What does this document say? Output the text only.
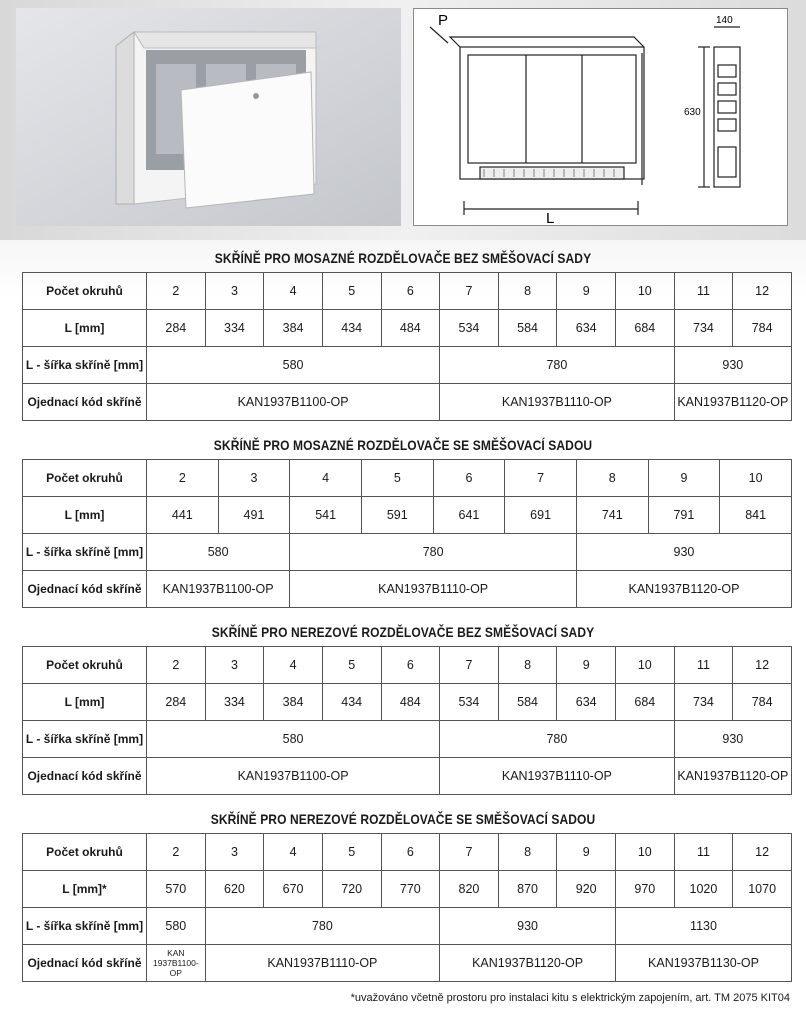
P
L
140
630
SKŘÍNĚ PRO MOSAZNÉ ROZDĚLOVAČE BEZ SMĚŠOVACÍ SADY
Počet okruhů	2	3	4	5	6	7	8	9	10	11	12
L [mm]	284	334	384	434	484	534	584	634	684	734	784
L - šířka skříně [mm]	580					780				930	
Ojednací kód skříně	KAN1937B1100-OP					KAN1937B1110-OP				KAN1937B1120-OP	
SKŘÍNĚ PRO MOSAZNÉ ROZDĚLOVAČE SE SMĚŠOVACÍ SADOU
Počet okruhů	2	3	4	5	6	7	8	9	10
L [mm]	441	491	541	591	641	691	741	791	841
L - šířka skříně [mm]	580		780				930		
Ojednací kód skříně	KAN1937B1100-OP		KAN1937B1110-OP				KAN1937B1120-OP		
SKŘÍNĚ PRO NEREZOVÉ ROZDĚLOVAČE BEZ SMĚŠOVACÍ SADY
Počet okruhů	2	3	4	5	6	7	8	9	10	11	12
L [mm]	284	334	384	434	484	534	584	634	684	734	784
L - šířka skříně [mm]	580					780				930	
Ojednací kód skříně	KAN1937B1100-OP					KAN1937B1110-OP				KAN1937B1120-OP	
SKŘÍNĚ PRO NEREZOVÉ ROZDĚLOVAČE SE SMĚŠOVACÍ SADOU
Počet okruhů	2	3	4	5	6	7	8	9	10	11	12
L [mm]*	570	620	670	720	770	820	870	920	970	1020	1070
L - šířka skříně [mm]	580	780				930			1130		
Ojednací kód skříně	KAN 1937B1100-OP	KAN1937B1110-OP				KAN1937B1120-OP			KAN1937B1130-OP		
*uvažováno včetně prostoru pro instalaci kitu s elektrickým zapojením, art. TM 2075 KIT04
